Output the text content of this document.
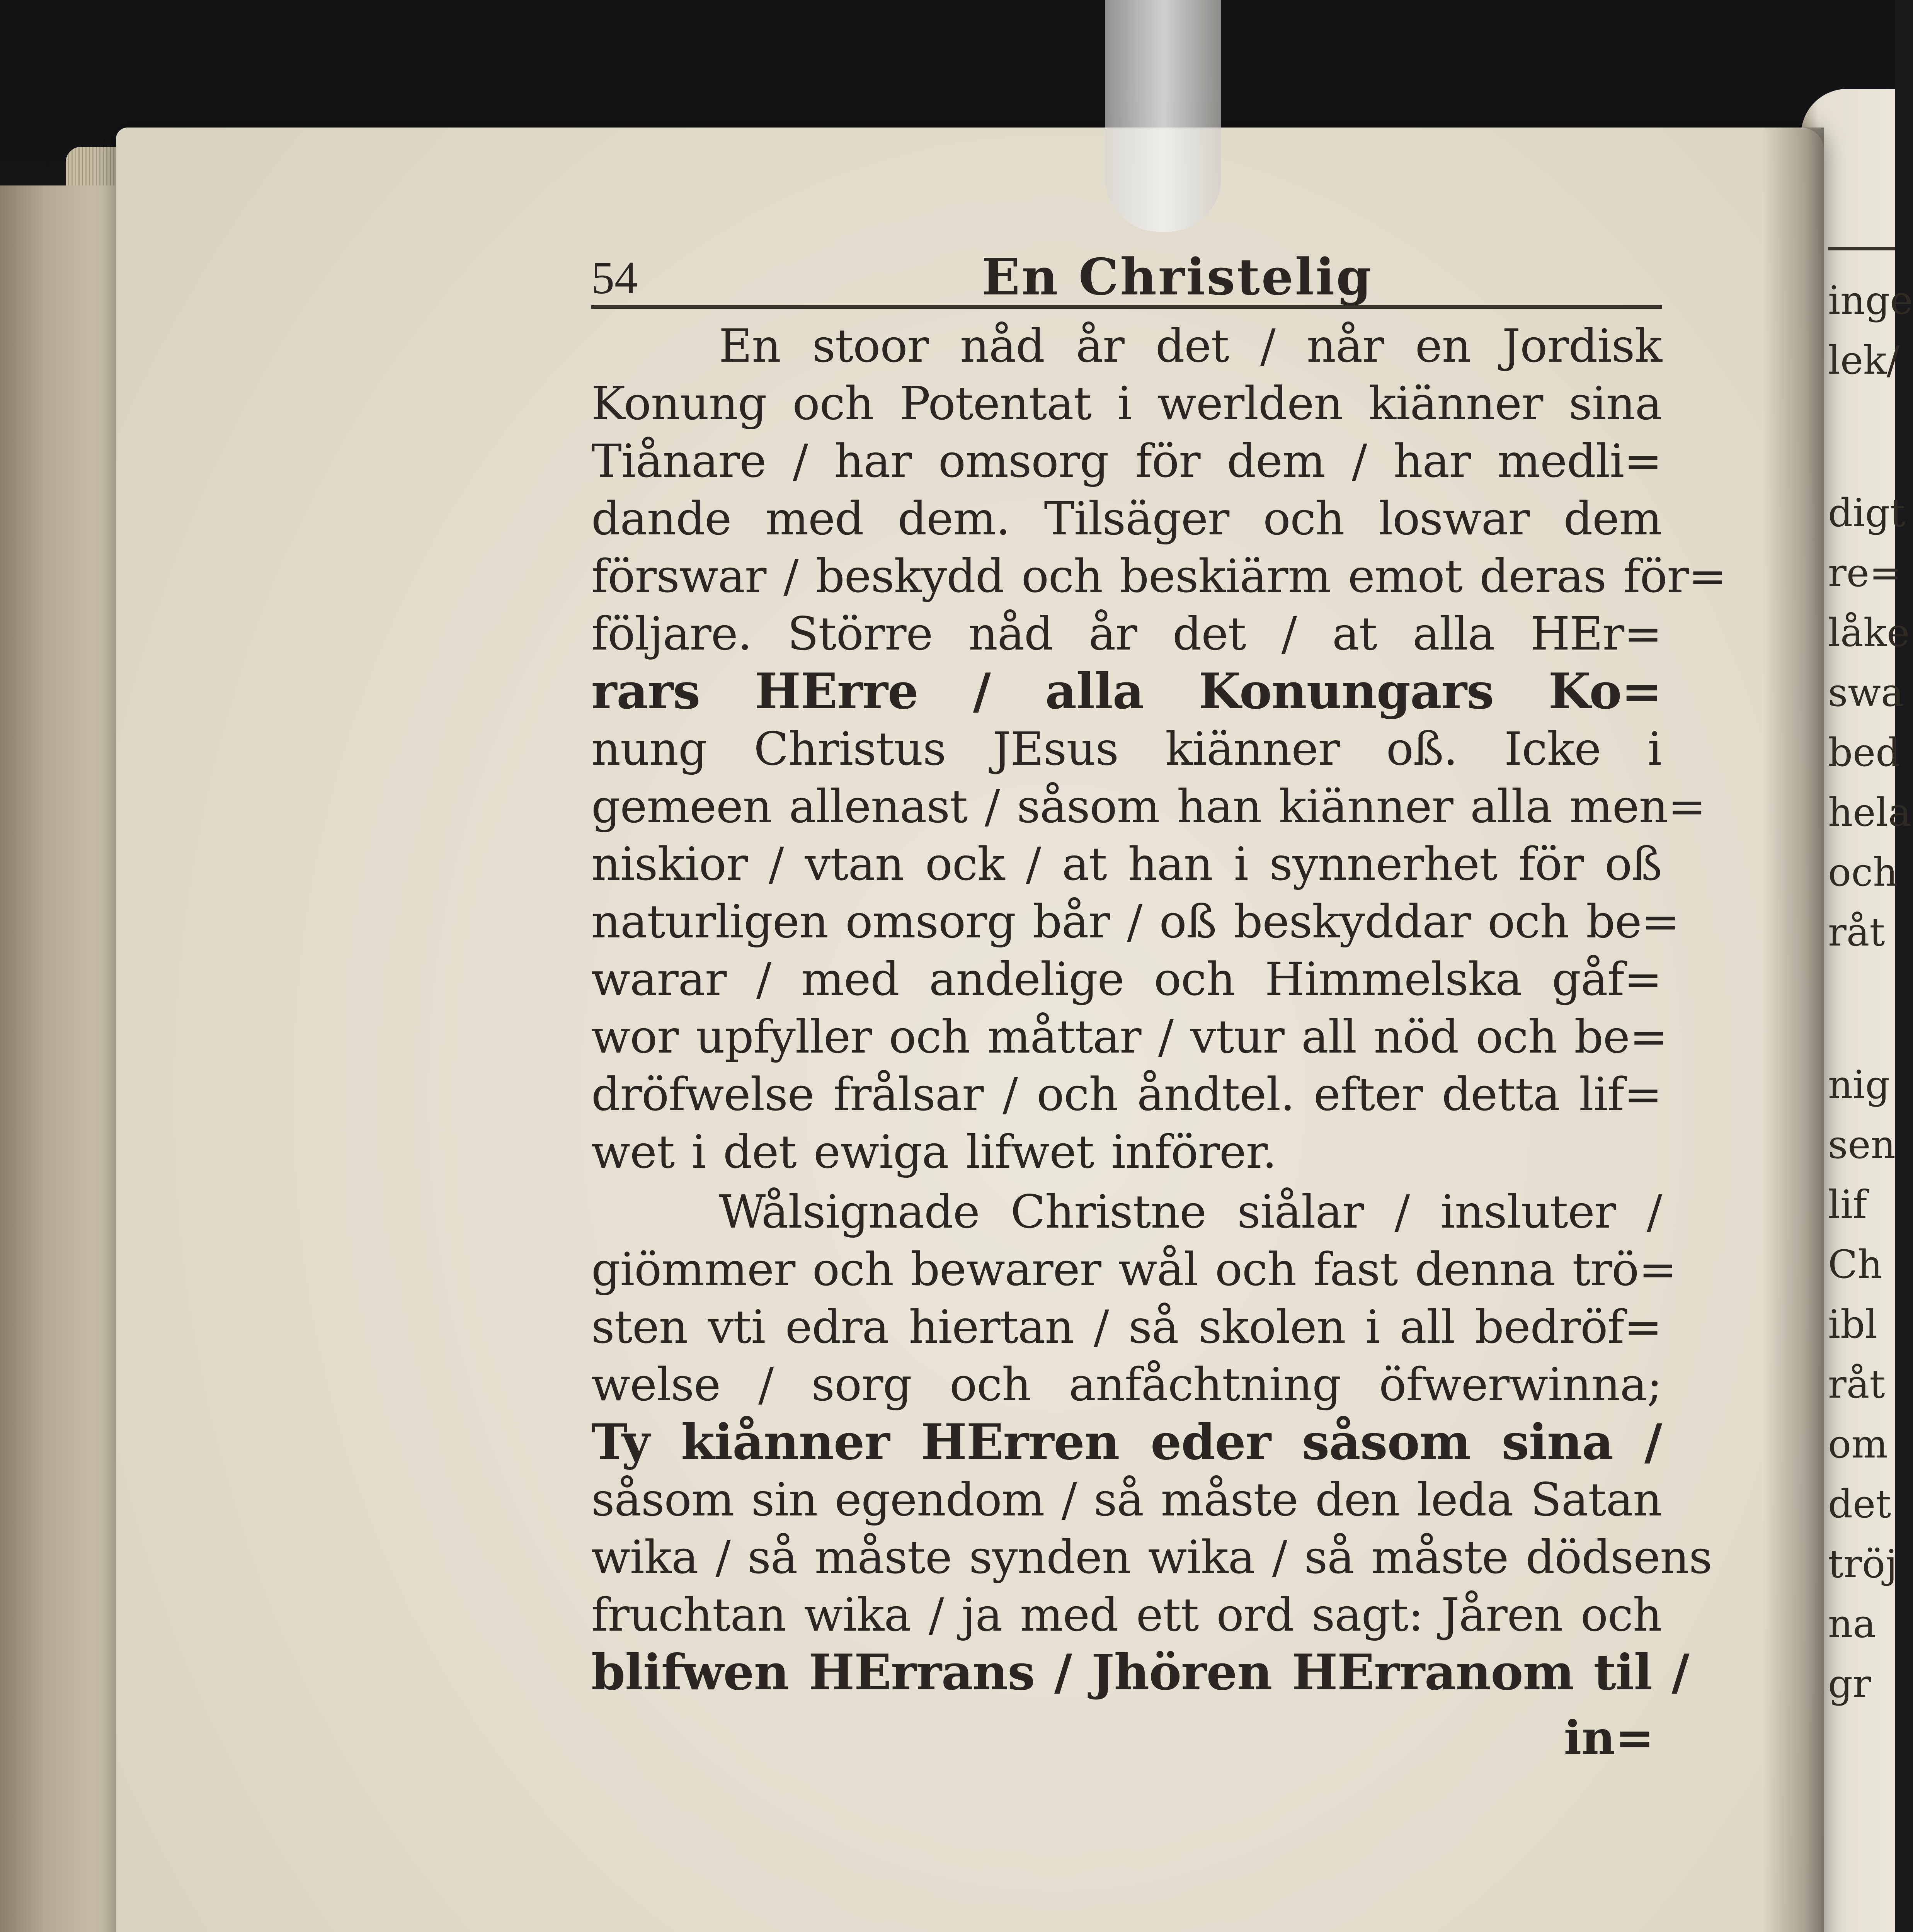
54	En Christelig
En stoor nåd år det / når en Jordisk
Konung och Potentat i werlden kiänner sina
Tiånare / har omsorg för dem / har medli=
dande med dem. Tilsäger och loswar dem
förswar / beskydd och beskiärm emot deras för=
följare. Större nåd år det / at alla HEr=
rars HErre / alla Konungars Ko=
nung Christus JEsus kiänner oß. Icke i
gemeen allenast / såsom han kiänner alla men=
niskior / vtan ock / at han i synnerhet för oß
naturligen omsorg bår / oß beskyddar och be=
warar / med andelige och Himmelska gåf=
wor upfyller och måttar / vtur all nöd och be=
dröfwelse frålsar / och åndtel. efter detta lif=
wet i det ewiga lifwet införer.
Wålsignade Christne siålar / insluter /
giömmer och bewarer wål och fast denna trö=
sten vti edra hiertan / så skolen i all bedröf=
welse / sorg och anfåchtning öfwerwinna;
Ty kiånner HErren eder såsom sina /
såsom sin egendom / så måste den leda Satan
wika / så måste synden wika / så måste dödsens
fruchtan wika / ja med ett ord sagt: Jåren och
blifwen HErrans / Jhören HErranom til /
in=
inge
lek/
digt
re=
låke
swa
bed
hela
och
råt
nig
sen
lif
Ch
ibl
råt
om
det
tröj
na
gr
